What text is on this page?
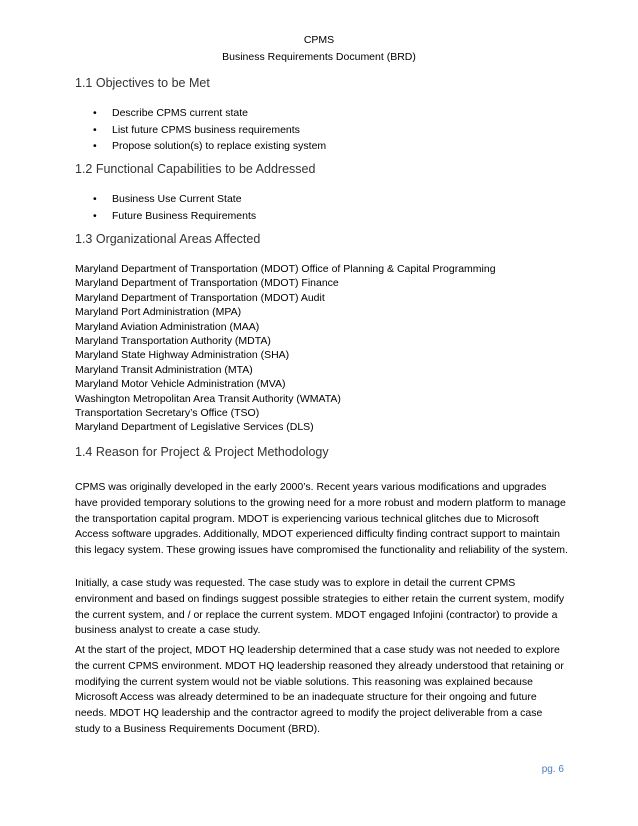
CPMS
Business Requirements Document (BRD)
1.1 Objectives to be Met
• Describe CPMS current state
• List future CPMS business requirements
• Propose solution(s) to replace existing system
1.2 Functional Capabilities to be Addressed
• Business Use Current State
• Future Business Requirements
1.3 Organizational Areas Affected
Maryland Department of Transportation (MDOT) Office of Planning & Capital Programming
Maryland Department of Transportation (MDOT) Finance
Maryland Department of Transportation (MDOT) Audit
Maryland Port Administration (MPA)
Maryland Aviation Administration (MAA)
Maryland Transportation Authority (MDTA)
Maryland State Highway Administration (SHA)
Maryland Transit Administration (MTA)
Maryland Motor Vehicle Administration (MVA)
Washington Metropolitan Area Transit Authority (WMATA)
Transportation Secretary’s Office (TSO)
Maryland Department of Legislative Services (DLS)
1.4 Reason for Project & Project Methodology

CPMS was originally developed in the early 2000’s. Recent years various modifications and upgrades have provided temporary solutions to the growing need for a more robust and modern platform to manage the transportation capital program. MDOT is experiencing various technical glitches due to Microsoft Access software upgrades. Additionally, MDOT experienced difficulty finding contract support to maintain this legacy system. These growing issues have compromised the functionality and reliability of the system.

Initially, a case study was requested. The case study was to explore in detail the current CPMS environment and based on findings suggest possible strategies to either retain the current system, modify the current system, and / or replace the current system. MDOT engaged Infojini (contractor) to provide a business analyst to create a case study.

At the start of the project, MDOT HQ leadership determined that a case study was not needed to explore the current CPMS environment. MDOT HQ leadership reasoned they already understood that retaining or modifying the current system would not be viable solutions. This reasoning was explained because Microsoft Access was already determined to be an inadequate structure for their ongoing and future needs. MDOT HQ leadership and the contractor agreed to modify the project deliverable from a case study to a Business Requirements Document (BRD).

pg. 6
